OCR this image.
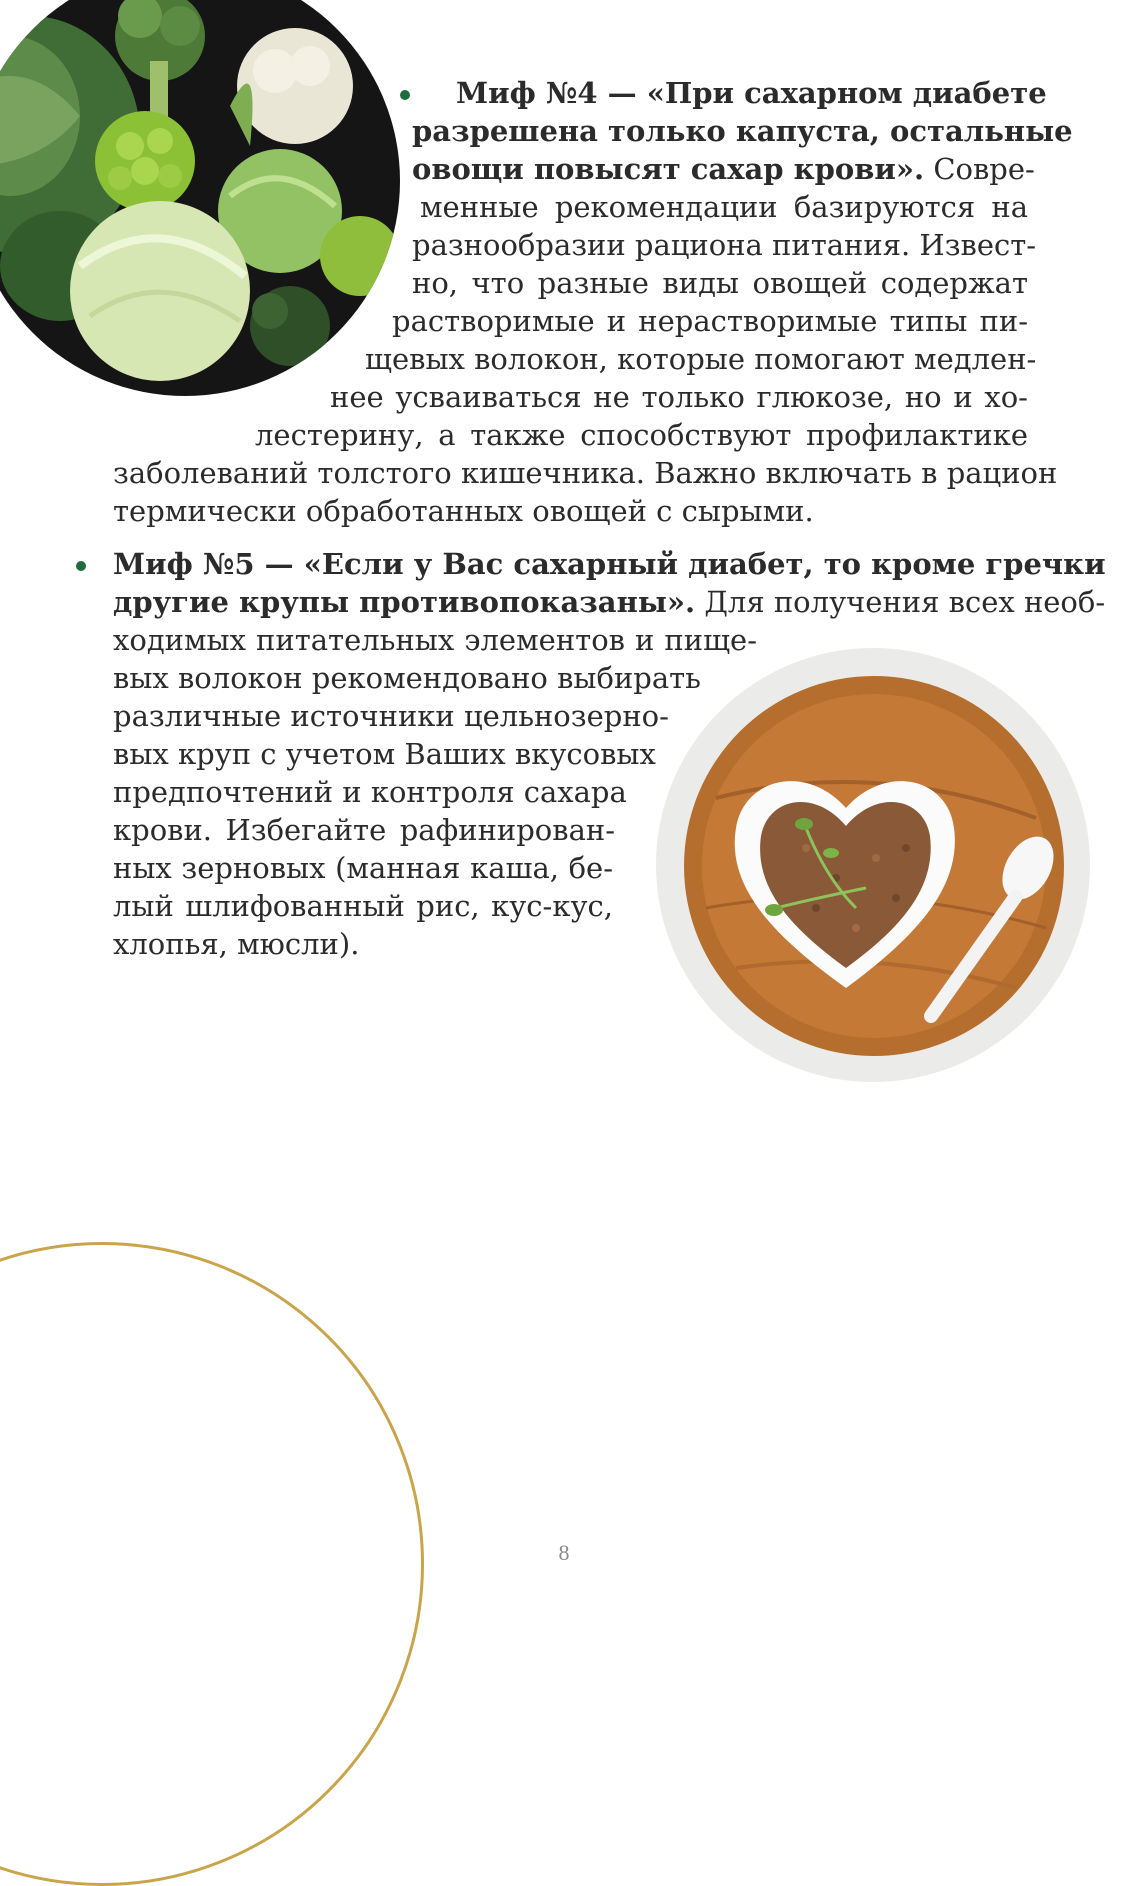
Миф №4 — «При сахарном диабете
разрешена только капуста, остальные
овощи повысят сахар крови». Совре-
менные рекомендации базируются на
разнообразии рациона питания. Извест-
но, что разные виды овощей содержат
растворимые и нерастворимые типы пи-
щевых волокон, которые помогают медлен-
нее усваиваться не только глюкозе, но и хо-
лестерину, а также способствуют профилактике
заболеваний толстого кишечника. Важно включать в рацион
термически обработанных овощей с сырыми.
Миф №5 — «Если у Вас сахарный диабет, то кроме гречки
другие крупы противопоказаны». Для получения всех необ-
ходимых питательных элементов и пище-
вых волокон рекомендовано выбирать
различные источники цельнозерно-
вых круп с учетом Ваших вкусовых
предпочтений и контроля сахара
крови. Избегайте рафинирован-
ных зерновых (манная каша, бе-
лый шлифованный рис, кус-кус,
хлопья, мюсли).
8
